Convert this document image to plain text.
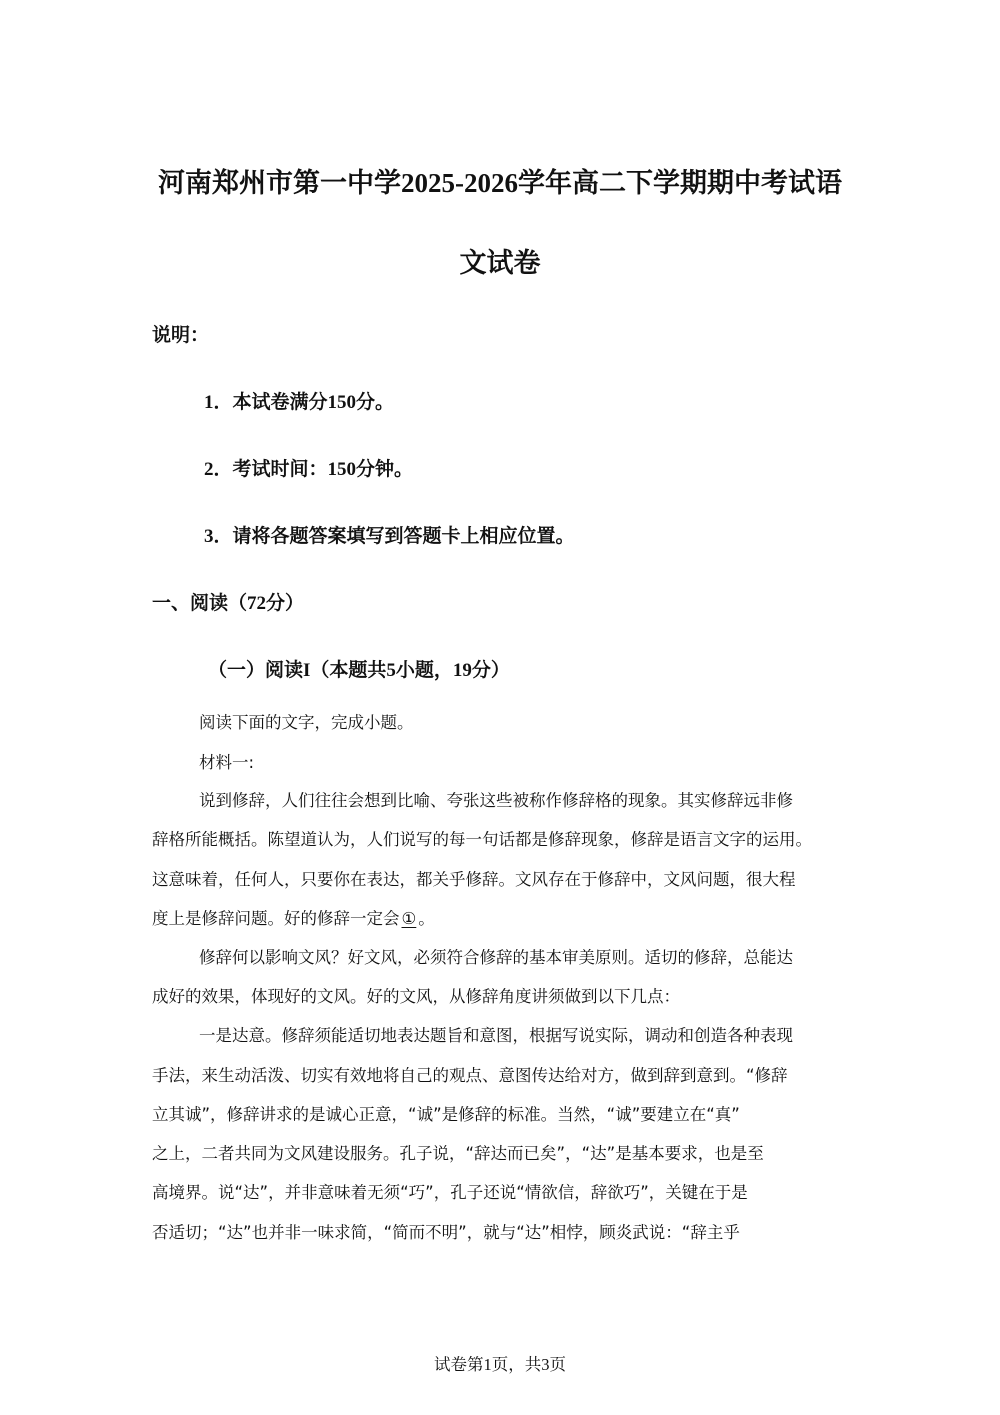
河南郑州市第一中学2025-2026学年高二下学期期中考试语
文试卷
说明：
1．本试卷满分150分。
2．考试时间：150分钟。
3．请将各题答案填写到答题卡上相应位置。
一、阅读（72分）
（一）阅读I（本题共5小题，19分）
阅读下面的文字，完成小题。
材料一:
说到修辞，人们往往会想到比喻、夸张这些被称作修辞格的现象。其实修辞远非修
辞格所能概括。陈望道认为，人们说写的每一句话都是修辞现象，修辞是语言文字的运用。
这意味着，任何人，只要你在表达，都关乎修辞。文风存在于修辞中，文风问题，很大程
度上是修辞问题。好的修辞一定会 ① 。
修辞何以影响文风？好文风，必须符合修辞的基本审美原则。适切的修辞，总能达
成好的效果，体现好的文风。好的文风，从修辞角度讲须做到以下几点：
一是达意。修辞须能适切地表达题旨和意图，根据写说实际，调动和创造各种表现
手法，来生动活泼、切实有效地将自己的观点、意图传达给对方，做到辞到意到。“修辞
立其诚”，修辞讲求的是诚心正意，“诚”是修辞的标准。当然，“诚”要建立在“真”
之上，二者共同为文风建设服务。孔子说，“辞达而已矣”，“达”是基本要求，也是至
高境界。说“达”，并非意味着无须“巧”，孔子还说“情欲信，辞欲巧”，关键在于是
否适切；“达”也并非一味求简，“简而不明”，就与“达”相悖，顾炎武说：“辞主乎
试卷第1页，共3页
